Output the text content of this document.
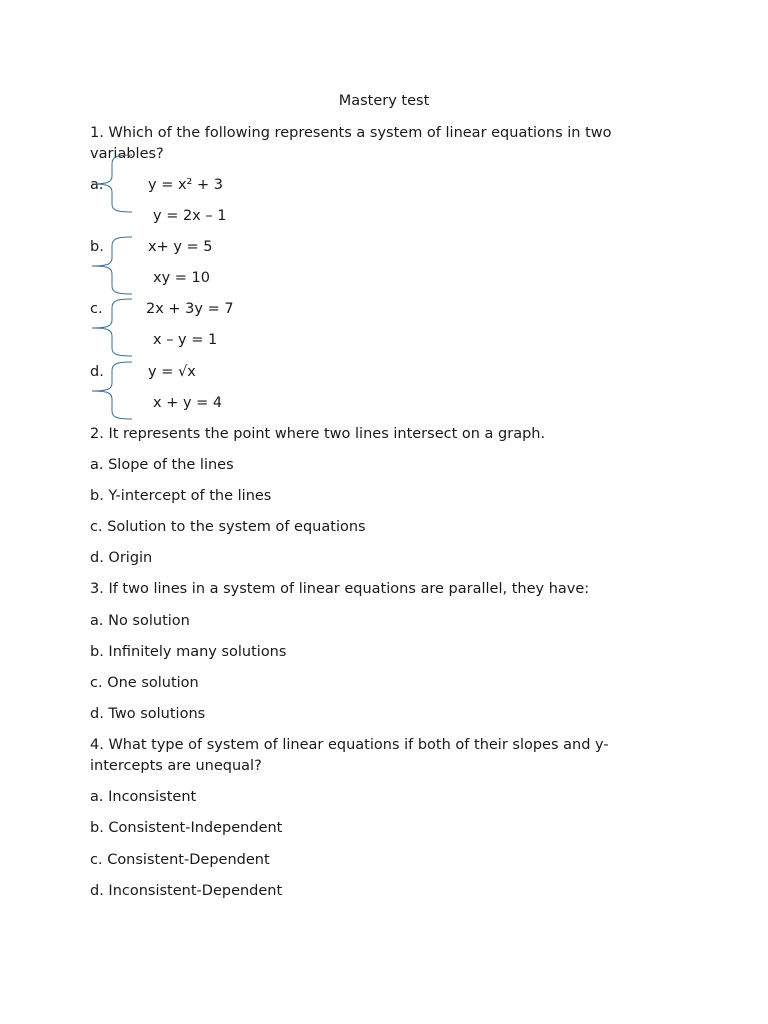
Mastery test
1. Which of the following represents a system of linear equations in two variables?
a.	y = x² + 3
y = 2x – 1
b.	x+ y = 5
xy = 10
c.	2x + 3y = 7
x – y = 1
d.	y = √x
x + y = 4
2. It represents the point where two lines intersect on a graph.
a. Slope of the lines
b. Y-intercept of the lines
c. Solution to the system of equations
d. Origin
3. If two lines in a system of linear equations are parallel, they have:
a. No solution
b. Infinitely many solutions
c. One solution
d. Two solutions
4. What type of system of linear equations if both of their slopes and y-
intercepts are unequal?
a. Inconsistent
b. Consistent-Independent
c. Consistent-Dependent
d. Inconsistent-Dependent
